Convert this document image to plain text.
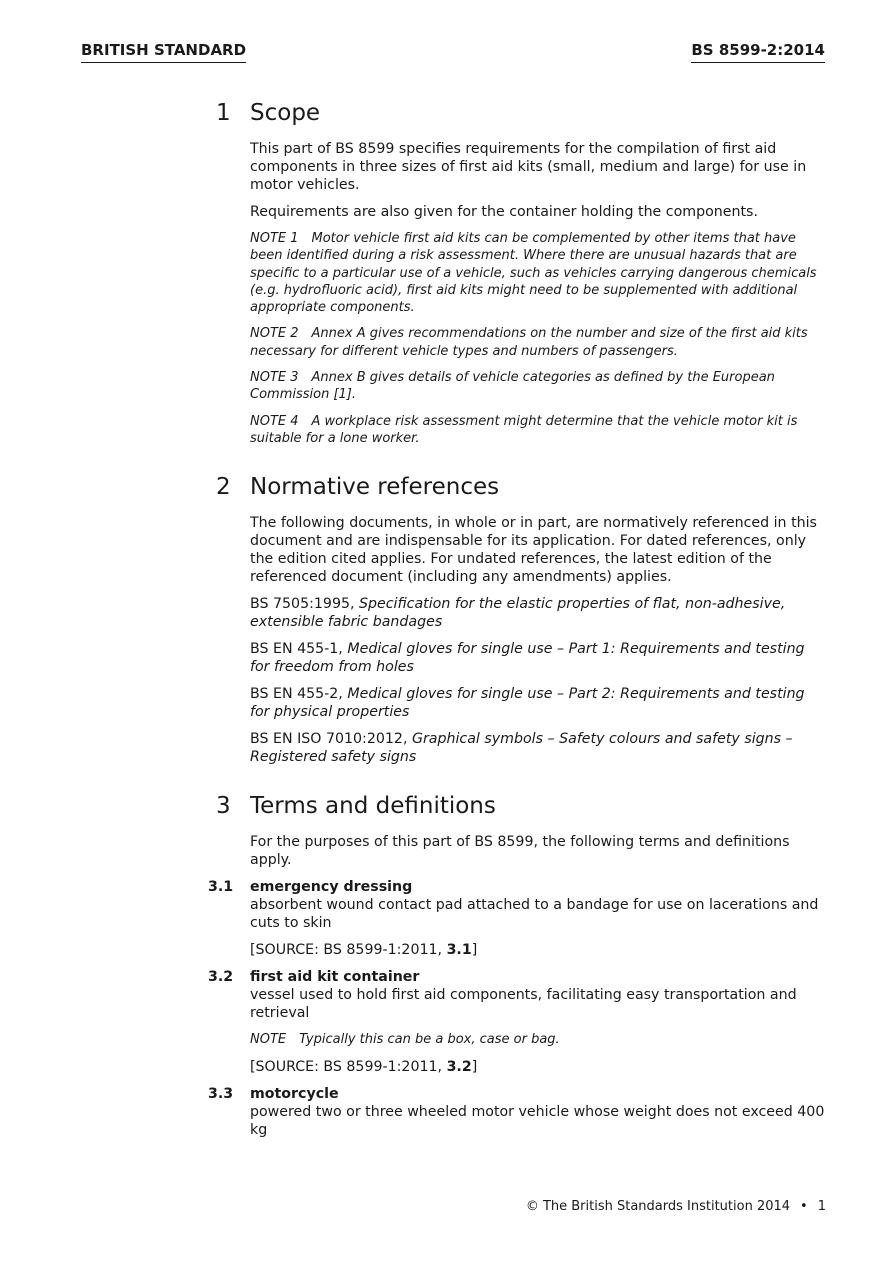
BRITISH STANDARD	BS 8599-2:2014
1 Scope

This part of BS 8599 specifies requirements for the compilation of first aid components in three sizes of first aid kits (small, medium and large) for use in motor vehicles.

Requirements are also given for the container holding the components.

NOTE 1 Motor vehicle first aid kits can be complemented by other items that have been identified during a risk assessment. Where there are unusual hazards that are specific to a particular use of a vehicle, such as vehicles carrying dangerous chemicals (e.g. hydrofluoric acid), first aid kits might need to be supplemented with additional appropriate components.

NOTE 2 Annex A gives recommendations on the number and size of the first aid kits necessary for different vehicle types and numbers of passengers.

NOTE 3 Annex B gives details of vehicle categories as defined by the European Commission [1].

NOTE 4 A workplace risk assessment might determine that the vehicle motor kit is suitable for a lone worker.

2 Normative references

The following documents, in whole or in part, are normatively referenced in this document and are indispensable for its application. For dated references, only the edition cited applies. For undated references, the latest edition of the referenced document (including any amendments) applies.

BS 7505:1995, Specification for the elastic properties of flat, non-adhesive, extensible fabric bandages

BS EN 455-1, Medical gloves for single use – Part 1: Requirements and testing for freedom from holes

BS EN 455-2, Medical gloves for single use – Part 2: Requirements and testing for physical properties

BS EN ISO 7010:2012, Graphical symbols – Safety colours and safety signs – Registered safety signs

3 Terms and definitions

For the purposes of this part of BS 8599, the following terms and definitions apply.

3.1 emergency dressing

absorbent wound contact pad attached to a bandage for use on lacerations and cuts to skin

[SOURCE: BS 8599-1:2011, 3.1]

3.2 first aid kit container

vessel used to hold first aid components, facilitating easy transportation and retrieval

NOTE Typically this can be a box, case or bag.

[SOURCE: BS 8599-1:2011, 3.2]

3.3 motorcycle

powered two or three wheeled motor vehicle whose weight does not exceed 400 kg

© The British Standards Institution 2014 • 1
